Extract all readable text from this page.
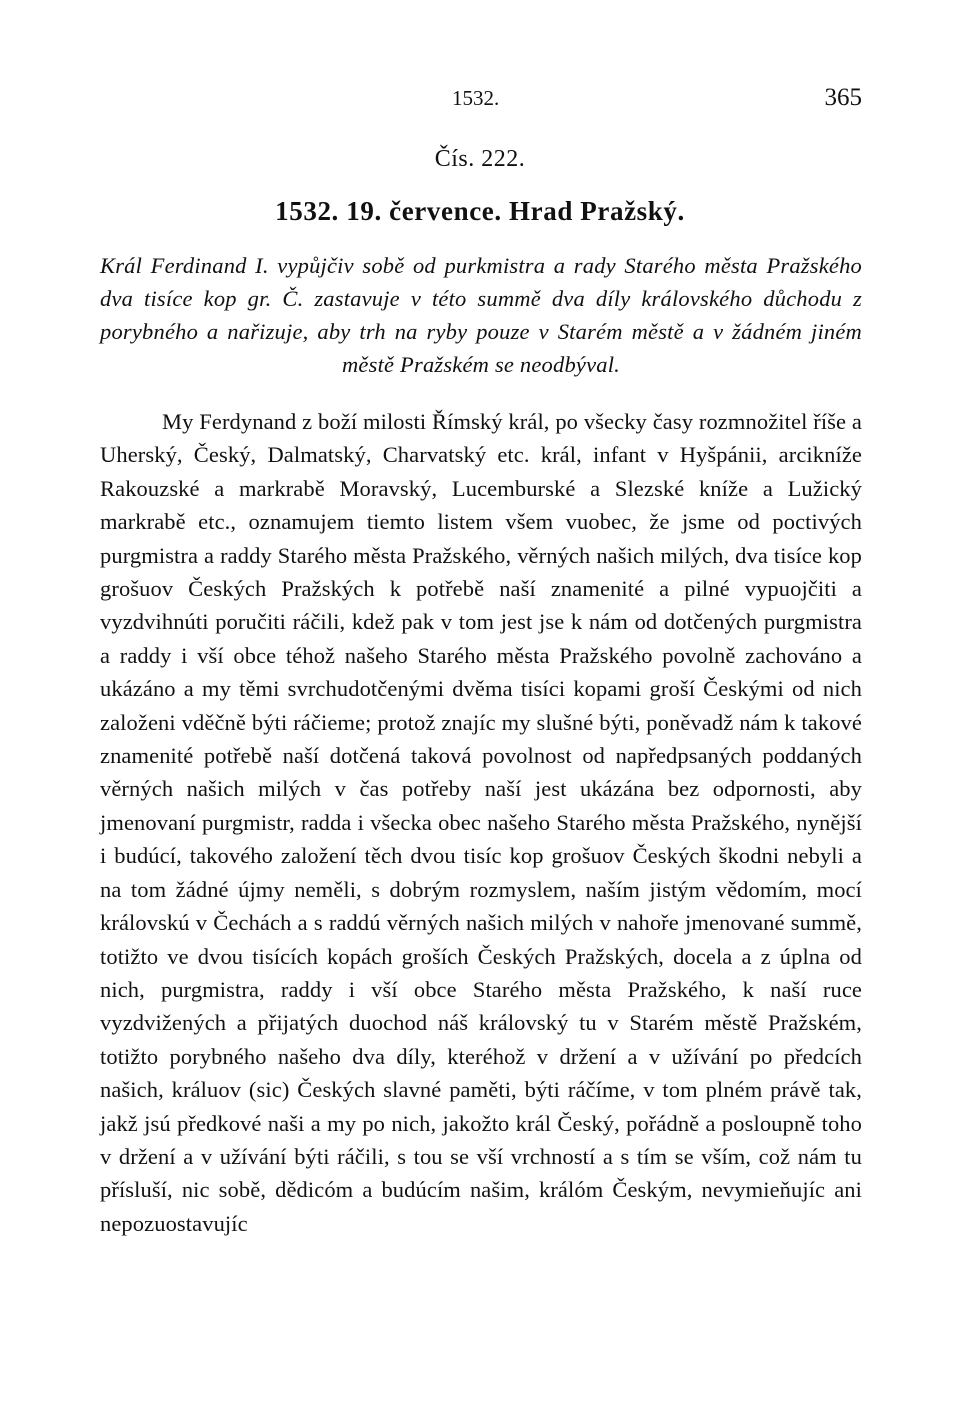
1532.	365
Čís. 222.
1532. 19. července. Hrad Pražský.
Král Ferdinand I. vypůjčiv sobě od purkmistra a rady Starého města Pražského dva tisíce kop gr. Č. zastavuje v této summě dva díly královského důchodu z porybného a nařizuje, aby trh na ryby pouze v Starém městě a v žádném jiném městě Pražském se neodbýval.
My Ferdynand z boží milosti Římský král, po všecky časy rozmnožitel říše a Uherský, Český, Dalmatský, Charvatský etc. král, infant v Hyšpánii, arcikníže Rakouzské a markrabě Moravský, Lucemburské a Slezské kníže a Lužický markrabě etc., oznamujem tiemto listem všem vuobec, že jsme od poctivých purgmistra a raddy Starého města Pražského, věrných našich milých, dva tisíce kop grošuov Českých Pražských k potřebě naší znamenité a pilné vypuojčiti a vyzdvihnúti poručiti ráčili, kdež pak v tom jest jse k nám od dotčených purgmistra a raddy i vší obce téhož našeho Starého města Pražského povolně zachováno a ukázáno a my těmi svrchudotčenými dvěma tisíci kopami groší Českými od nich založeni vděčně býti ráčieme; protož znajíc my slušné býti, poněvadž nám k takové znamenité potřebě naší dotčená taková povolnost od napředpsaných poddaných věrných našich milých v čas potřeby naší jest ukázána bez odpornosti, aby jmenovaní purgmistr, radda i všecka obec našeho Starého města Pražského, nynější i budúcí, takového založení těch dvou tisíc kop grošuov Českých škodni nebyli a na tom žádné újmy neměli, s dobrým rozmyslem, naším jistým vědomím, mocí královskú v Čechách a s raddú věrných našich milých v nahoře jmenované summě, totižto ve dvou tisících kopách groších Českých Pražských, docela a z úplna od nich, purgmistra, raddy i vší obce Starého města Pražského, k naší ruce vyzdvižených a přijatých duochod náš královský tu v Starém městě Pražském, totižto porybného našeho dva díly, kteréhož v držení a v užívání po předcích našich, králuov (sic) Českých slavné paměti, býti ráčíme, v tom plném právě tak, jakž jsú předkové naši a my po nich, jakožto král Český, pořádně a posloupně toho v držení a v užívání býti ráčili, s tou se vší vrchností a s tím se vším, což nám tu přísluší, nic sobě, dědicóm a budúcím našim, králóm Českým, nevymieňujíc ani nepozuostavujíc
